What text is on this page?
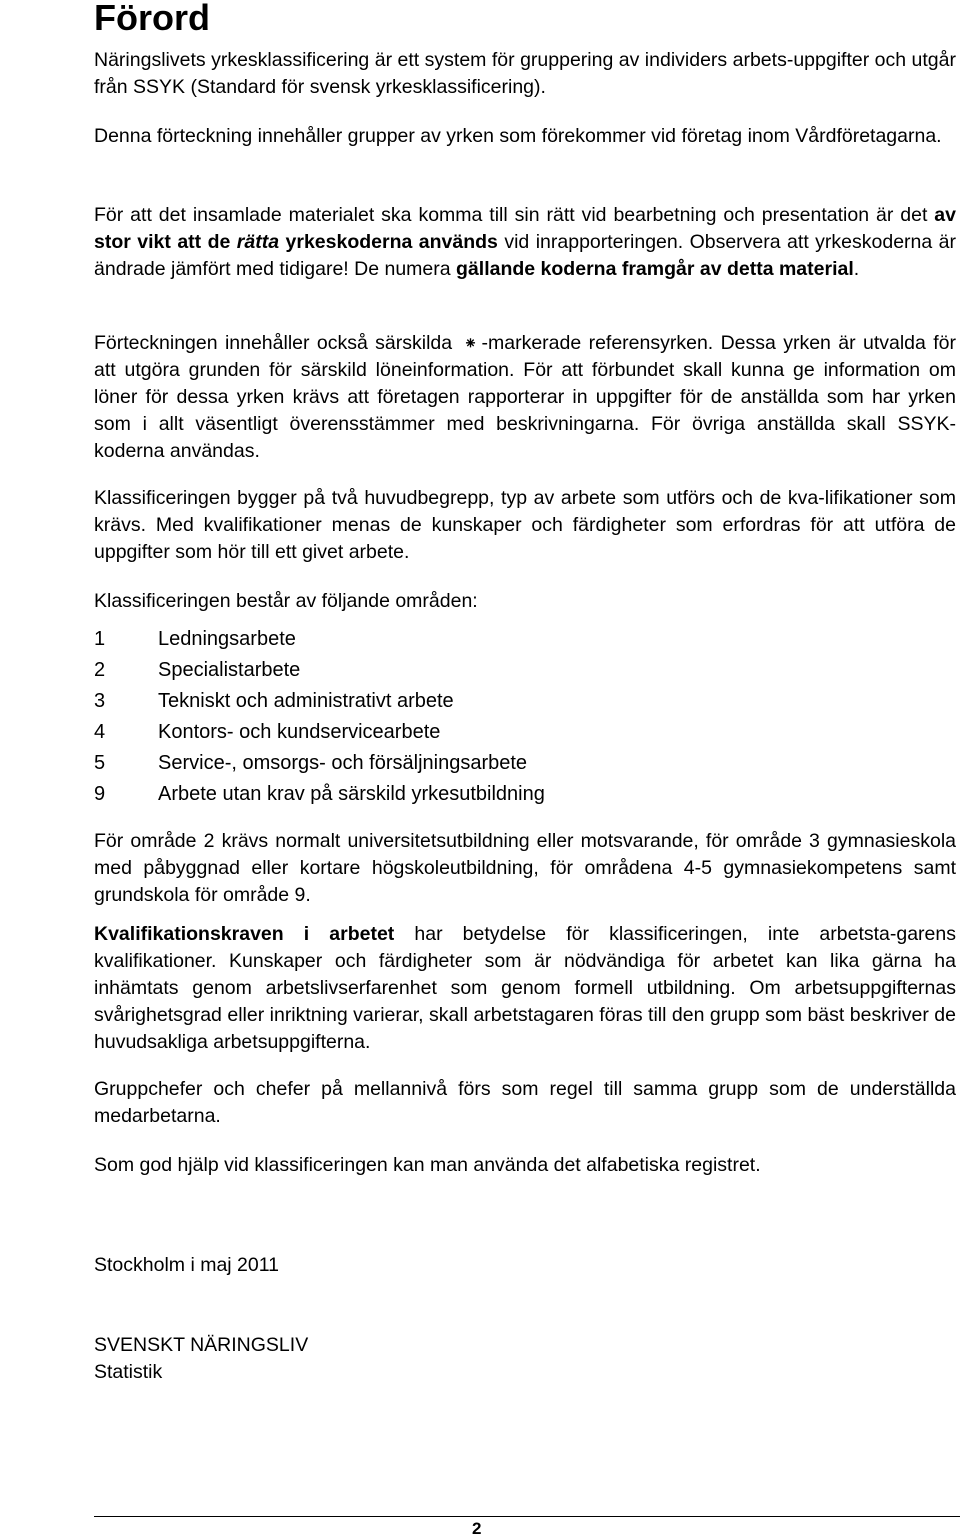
Förord

Näringslivets yrkesklassificering är ett system för gruppering av individers arbets-uppgifter och utgår från SSYK (Standard för svensk yrkesklassificering).

Denna förteckning innehåller grupper av yrken som förekommer vid företag inom Vårdföretagarna.

För att det insamlade materialet ska komma till sin rätt vid bearbetning och presentation är det av stor vikt att de rätta yrkeskoderna används vid inrapporteringen. Observera att yrkeskoderna är ändrade jämfört med tidigare! De numera gällande koderna framgår av detta material.

Förteckningen innehåller också särskilda ⁕ -markerade referensyrken. Dessa yrken är utvalda för att utgöra grunden för särskild löneinformation. För att förbundet skall kunna ge information om löner för dessa yrken krävs att företagen rapporterar in uppgifter för de anställda som har yrken som i allt väsentligt överensstämmer med beskrivningarna. För övriga anställda skall SSYK-koderna användas.

Klassificeringen bygger på två huvudbegrepp, typ av arbete som utförs och de kva-lifikationer som krävs. Med kvalifikationer menas de kunskaper och färdigheter som erfordras för att utföra de uppgifter som hör till ett givet arbete.

Klassificeringen består av följande områden:

1	Ledningsarbete
2	Specialistarbete
3	Tekniskt och administrativt arbete
4	Kontors- och kundservicearbete
5	Service-, omsorgs- och försäljningsarbete
9	Arbete utan krav på särskild yrkesutbildning

För område 2 krävs normalt universitetsutbildning eller motsvarande, för område 3 gymnasieskola med påbyggnad eller kortare högskoleutbildning, för områdena 4-5 gymnasiekompetens samt grundskola för område 9.

Kvalifikationskraven i arbetet har betydelse för klassificeringen, inte arbetsta-garens kvalifikationer. Kunskaper och färdigheter som är nödvändiga för arbetet kan lika gärna ha inhämtats genom arbetslivserfarenhet som genom formell utbildning. Om arbetsuppgifternas svårighetsgrad eller inriktning varierar, skall arbetstagaren föras till den grupp som bäst beskriver de huvudsakliga arbetsuppgifterna.

Gruppchefer och chefer på mellannivå förs som regel till samma grupp som de underställda medarbetarna.

Som god hjälp vid klassificeringen kan man använda det alfabetiska registret.

Stockholm i maj 2011

SVENSKT NÄRINGSLIV

Statistik

2
